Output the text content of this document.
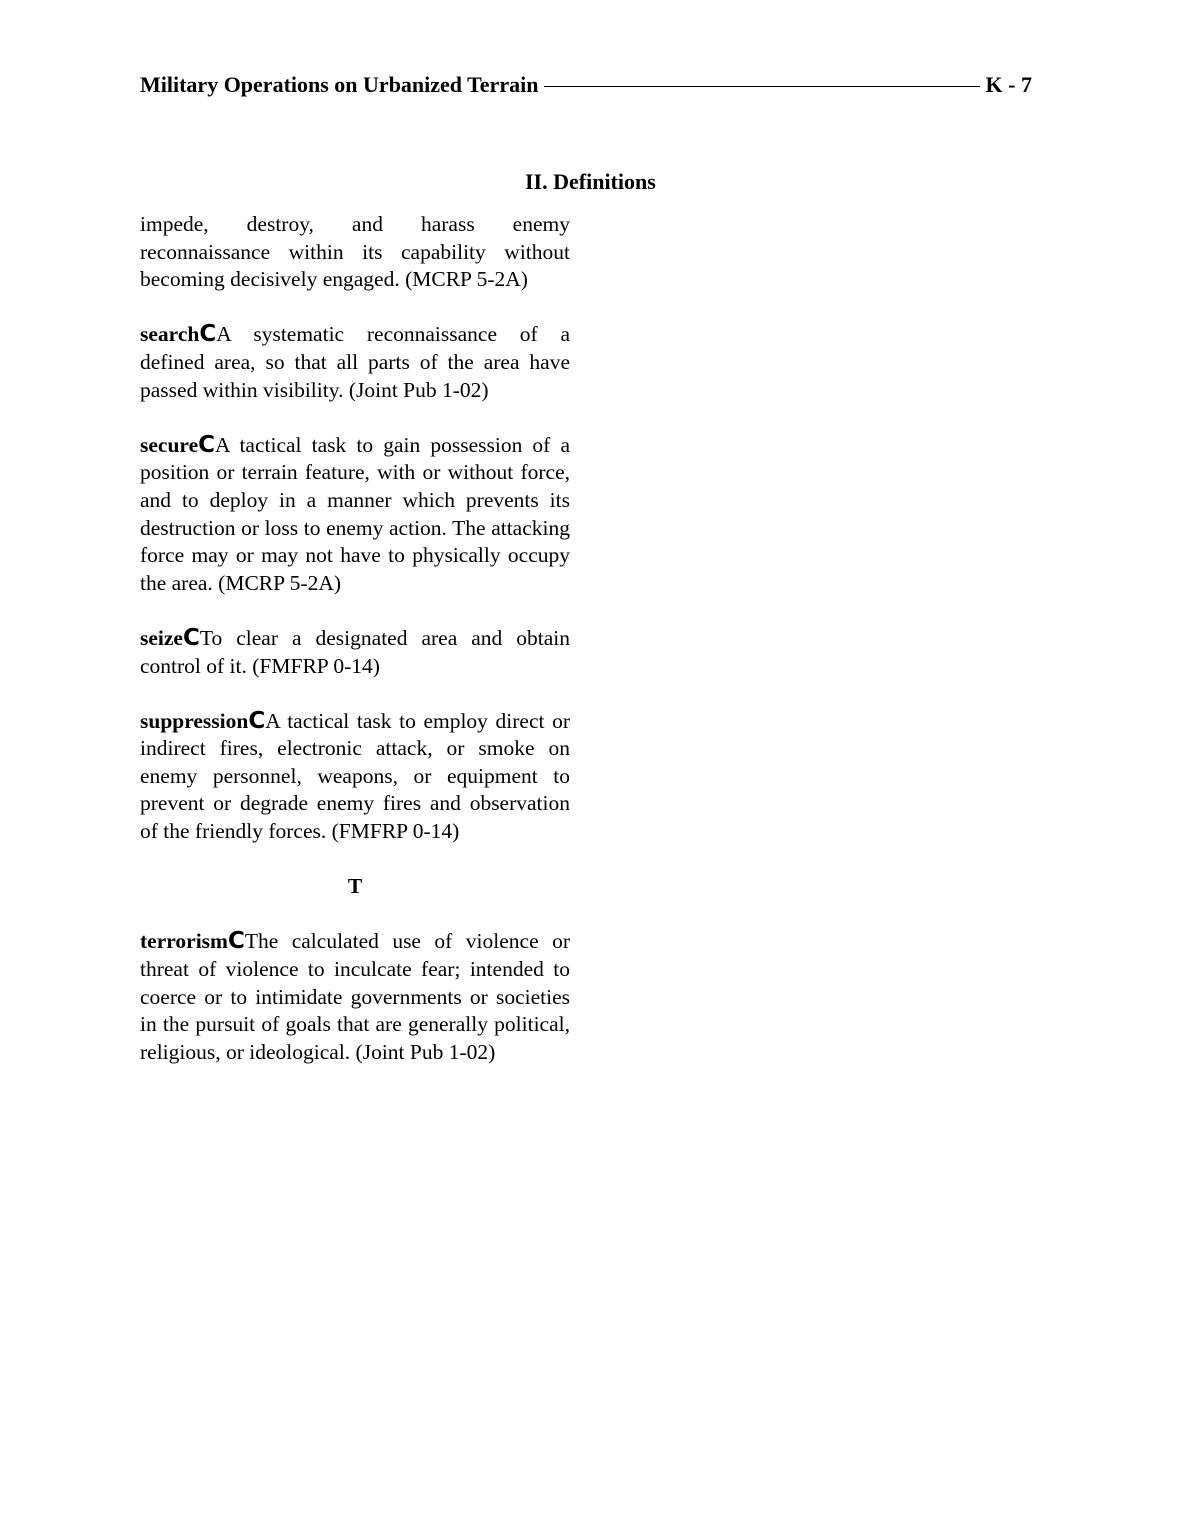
Military Operations on Urbanized Terrain	K - 7
II. Definitions

impede, destroy, and harass enemy reconnaissance within its capability without becoming decisively engaged. (MCRP 5-2A)

searchCA systematic reconnaissance of a defined area, so that all parts of the area have passed within visibility. (Joint Pub 1-02)

secureCA tactical task to gain possession of a position or terrain feature, with or without force, and to deploy in a manner which prevents its destruction or loss to enemy action. The attacking force may or may not have to physically occupy the area. (MCRP 5-2A)

seizeCTo clear a designated area and obtain control of it. (FMFRP 0-14)

suppressionCA tactical task to employ direct or indirect fires, electronic attack, or smoke on enemy personnel, weapons, or equipment to prevent or degrade enemy fires and observation of the friendly forces. (FMFRP 0-14)

T

terrorismCThe calculated use of violence or threat of violence to inculcate fear; intended to coerce or to intimidate governments or societies in the pursuit of goals that are generally political, religious, or ideological. (Joint Pub 1-02)
